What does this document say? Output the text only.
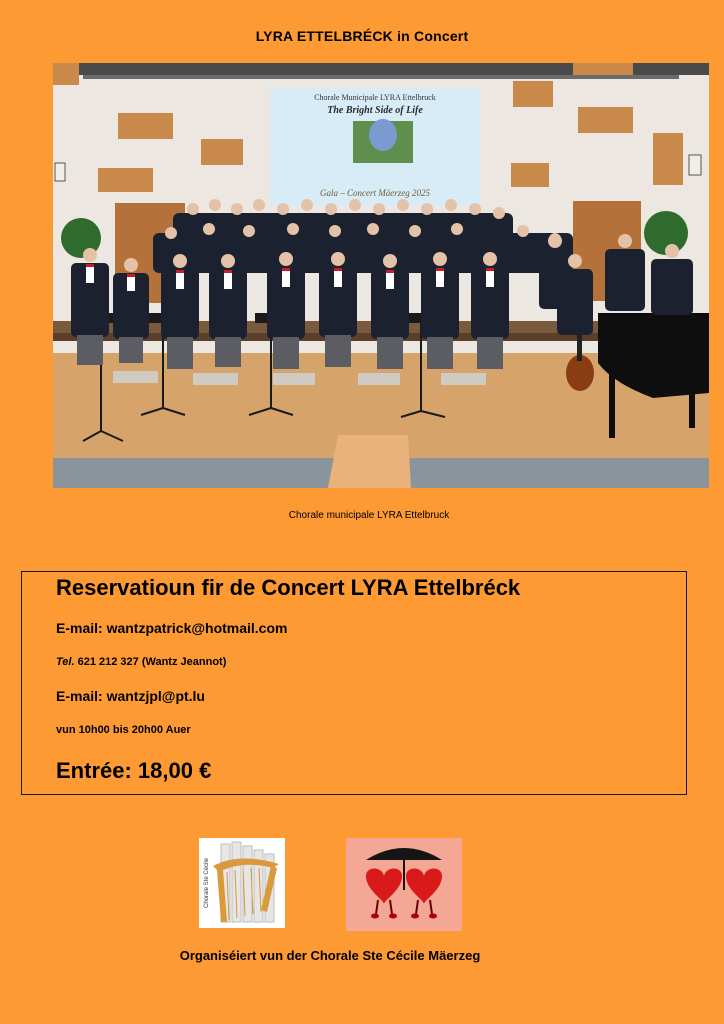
LYRA ETTELBRÉCK in Concert
Chorale Municipale LYRA Ettelbruck
The Bright Side of Life
Gala – Concert Mäerzeg 2025
Chorale municipale LYRA Ettelbruck
Reservatioun fir de Concert LYRA Ettelbréck
E-mail: wantzpatrick@hotmail.com
Tel. 621 212 327 (Wantz Jeannot)
E-mail: wantzjpl@pt.lu
vun 10h00 bis 20h00 Auer
Entrée: 18,00 €
Chorale Ste Cécile
Organiséiert vun der Chorale Ste Cécile Mäerzeg
